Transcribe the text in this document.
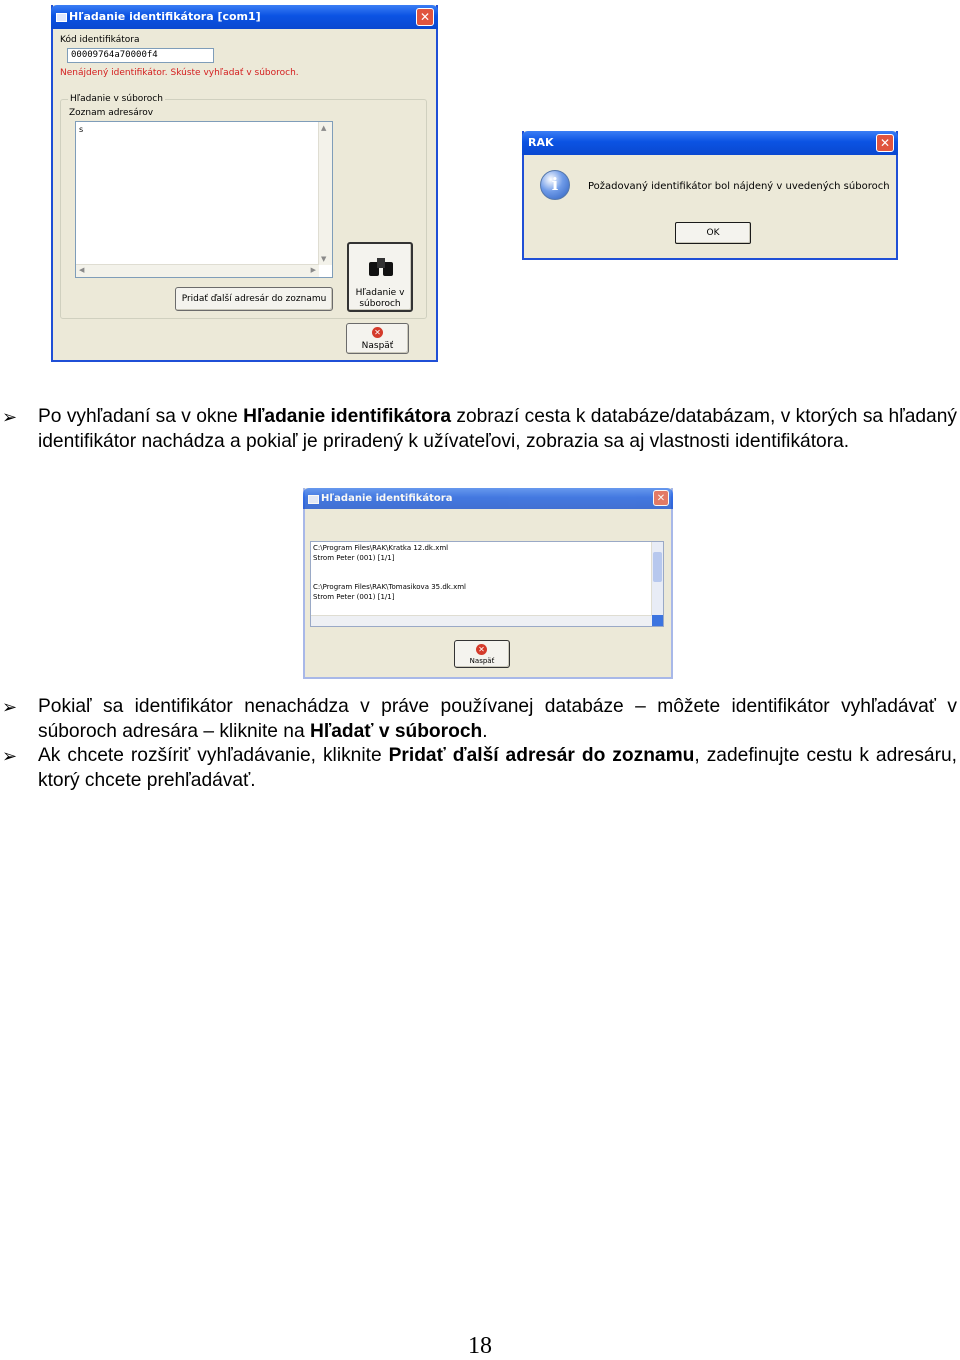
Hľadanie identifikátora [com1]	✕
Kód identifikátora
00009764a70000f4
Nenájdený identifikátor. Skúste vyhľadať v súboroch.
Hľadanie v súboroch
Zoznam adresárov
s	▲
▼
◀	▶
Pridať ďalší adresár do zoznamu
Hľadanie v
súboroch
✕
Naspäť
RAK	✕
i	Požadovaný identifikátor bol nájdený v uvedených súboroch
OK
➢ Po vyhľadaní sa v okne Hľadanie identifikátora zobrazí cesta k databáze/databázam, v ktorých sa hľadaný identifikátor nachádza a pokiaľ je priradený k užívateľovi, zobrazia sa aj vlastnosti identifikátora.
Hľadanie identifikátora	✕
C:\Program Files\RAK\Kratka 12.dk.xml
Strom Peter (001) [1/1]
C:\Program Files\RAK\Tomasikova 35.dk.xml
Strom Peter (001) [1/1]
✕
Naspäť
➢ Pokiaľ sa identifikátor nenachádza v práve používanej databáze – môžete identifikátor vyhľadávať v súboroch adresára – kliknite na Hľadať v súboroch.
➢ Ak chcete rozšíriť vyhľadávanie, kliknite Pridať ďalší adresár do zoznamu, zadefinujte cestu k adresáru, ktorý chcete prehľadávať.
18
